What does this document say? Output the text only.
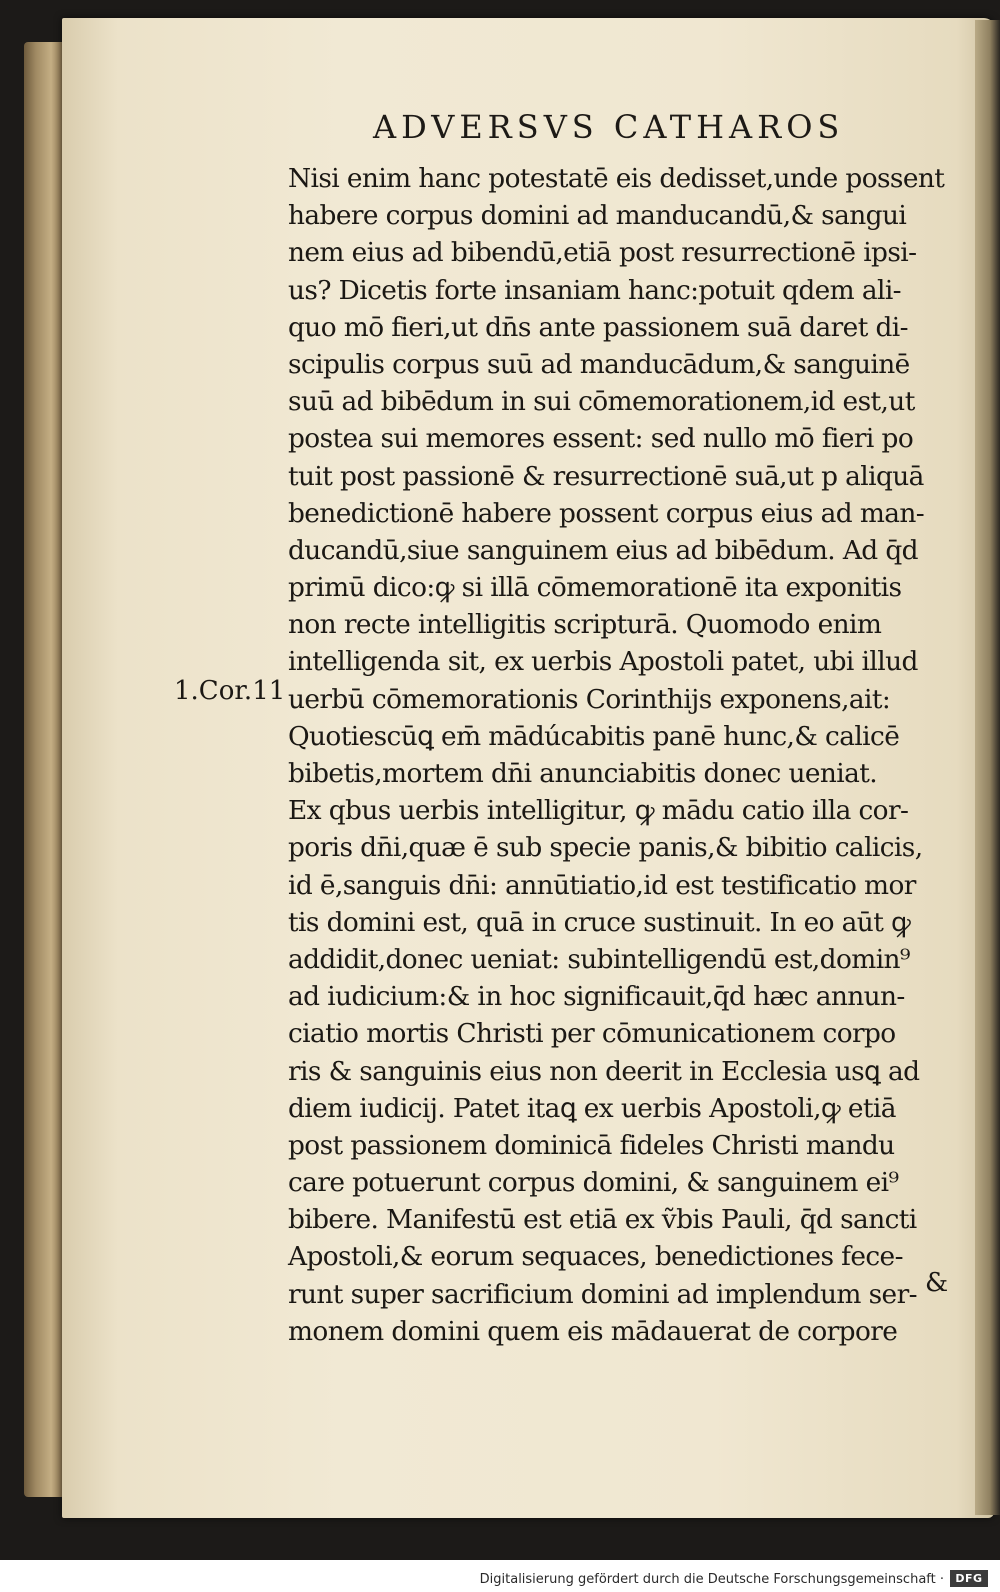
ADVERSVS CATHAROS
1.Cor.11
Nisi enim hanc potestatē eis dedisset,unde possent
habere corpus domini ad manducandū,& sangui
nem eius ad bibendū,etiā post resurrectionē ipsi-
us? Dicetis forte insaniam hanc:potuit qdem ali-
quo mō fieri,ut dn̄s ante passionem suā daret di-
scipulis corpus suū ad manducādum,& sanguinē
suū ad bibēdum in sui cōmemorationem,id est,ut
postea sui memores essent: sed nullo mō fieri po
tuit post passionē & resurrectionē suā,ut p aliquā
benedictionē habere possent corpus eius ad man-
ducandū,siue sanguinem eius ad bibēdum. Ad q̄d
primū dico:ꝙ si illā cōmemorationē ita exponitis
non recte intelligitis scripturā. Quomodo enim
intelligenda sit, ex uerbis Apostoli patet, ubi illud
uerbū cōmemorationis Corinthijs exponens,ait:
Quotiescūꝗ em̄ mādúcabitis panē hunc,& calicē
bibetis,mortem dn̄i anunciabitis donec ueniat.
Ex qbus uerbis intelligitur, ꝙ mādu catio illa cor-
poris dn̄i,quæ ē sub specie panis,& bibitio calicis,
id ē,sanguis dn̄i: annūtiatio,id est testificatio mor
tis domini est, quā in cruce sustinuit. In eo aūt ꝙ
addidit,donec ueniat: subintelligendū est,domin⁹
ad iudicium:& in hoc significauit,q̄d hæc annun-
ciatio mortis Christi per cōmunicationem corpo
ris & sanguinis eius non deerit in Ecclesia usꝗ ad
diem iudicij. Patet itaꝗ ex uerbis Apostoli,ꝙ etiā
post passionem dominicā fideles Christi mandu
care potuerunt corpus domini, & sanguinem ei⁹
bibere. Manifestū est etiā ex ṽbis Pauli, q̄d sancti
Apostoli,& eorum sequaces, benedictiones fece-
runt super sacrificium domini ad implendum ser-
monem domini quem eis mādauerat de corpore
&
Digitalisierung gefördert durch die Deutsche Forschungsgemeinschaft ·	DFG
